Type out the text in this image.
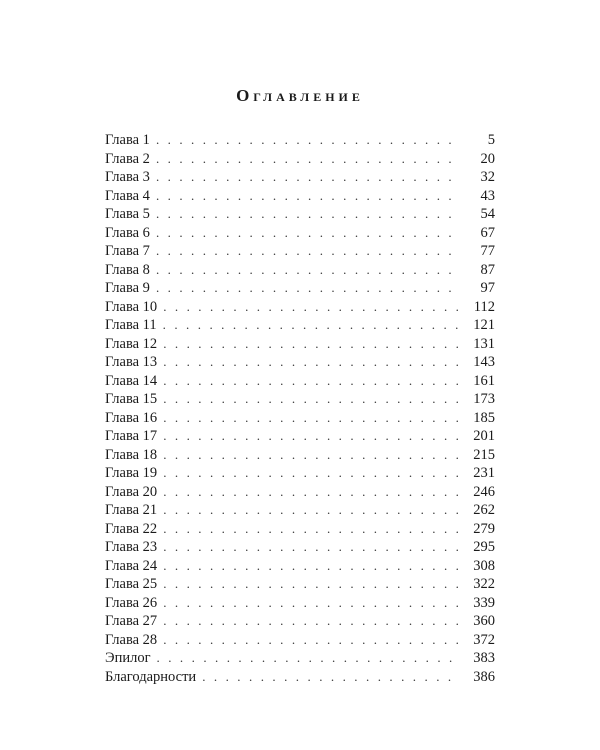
Оглавление
Глава 1 . . .	5
Глава 2 . . .	20
Глава 3 . . .	32
Глава 4 . . .	43
Глава 5 . . .	54
Глава 6 . . .	67
Глава 7 . . .	77
Глава 8 . . .	87
Глава 9 . . .	97
Глава 10 . . .	112
Глава 11 . . .	121
Глава 12 . . .	131
Глава 13 . . .	143
Глава 14 . . .	161
Глава 15 . . .	173
Глава 16 . . .	185
Глава 17 . . .	201
Глава 18 . . .	215
Глава 19 . . .	231
Глава 20 . . .	246
Глава 21 . . .	262
Глава 22 . . .	279
Глава 23 . . .	295
Глава 24 . . .	308
Глава 25 . . .	322
Глава 26 . . .	339
Глава 27 . . .	360
Глава 28 . . .	372
Эпилог . . .	383
Благодарности . . .	386
